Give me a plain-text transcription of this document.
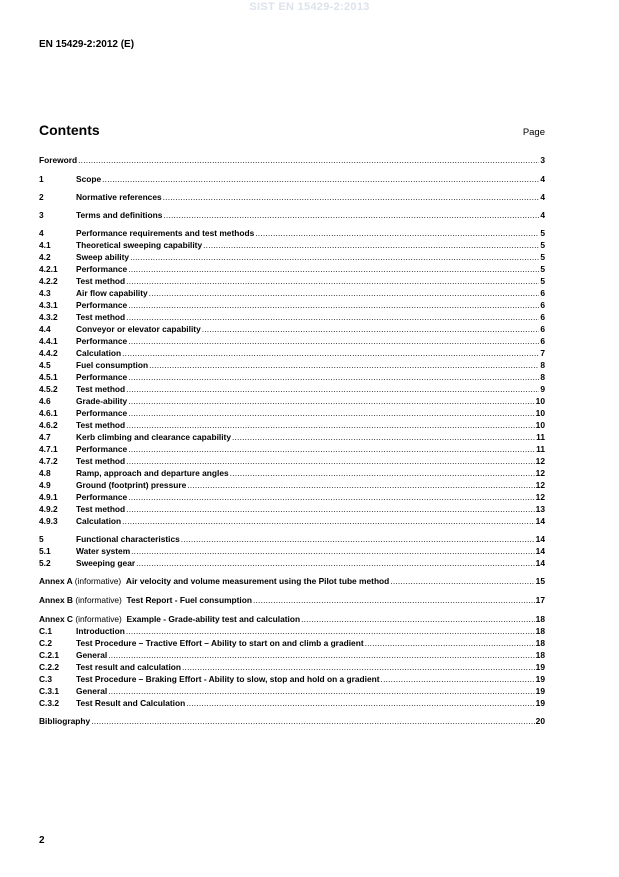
SIST EN 15429-2:2013
EN 15429-2:2012 (E)
Contents	Page
Foreword .....	3
1	Scope .....	4
2	Normative references .....	4
3	Terms and definitions .....	4
4	Performance requirements and test methods .....	5
4.1	Theoretical sweeping capability .....	5
4.2	Sweep ability .....	5
4.2.1	Performance .....	5
4.2.2	Test method .....	5
4.3	Air flow capability .....	6
4.3.1	Performance .....	6
4.3.2	Test method .....	6
4.4	Conveyor or elevator capability .....	6
4.4.1	Performance .....	6
4.4.2	Calculation .....	7
4.5	Fuel consumption .....	8
4.5.1	Performance .....	8
4.5.2	Test method .....	9
4.6	Grade-ability .....	10
4.6.1	Performance .....	10
4.6.2	Test method .....	10
4.7	Kerb climbing and clearance capability .....	11
4.7.1	Performance .....	11
4.7.2	Test method .....	12
4.8	Ramp, approach and departure angles .....	12
4.9	Ground (footprint) pressure .....	12
4.9.1	Performance .....	12
4.9.2	Test method .....	13
4.9.3	Calculation .....	14
5	Functional characteristics .....	14
5.1	Water system .....	14
5.2	Sweeping gear .....	14
Annex A (informative) Air velocity and volume measurement using the Pilot tube method .....	15
Annex B (informative) Test Report - Fuel consumption .....	17
Annex C (informative) Example - Grade-ability test and calculation .....	18
C.1	Introduction .....	18
C.2	Test Procedure – Tractive Effort – Ability to start on and climb a gradient .....	18
C.2.1	General .....	18
C.2.2	Test result and calculation .....	19
C.3	Test Procedure – Braking Effort - Ability to slow, stop and hold on a gradient .....	19
C.3.1	General .....	19
C.3.2	Test Result and Calculation .....	19
Bibliography .....	20
2
